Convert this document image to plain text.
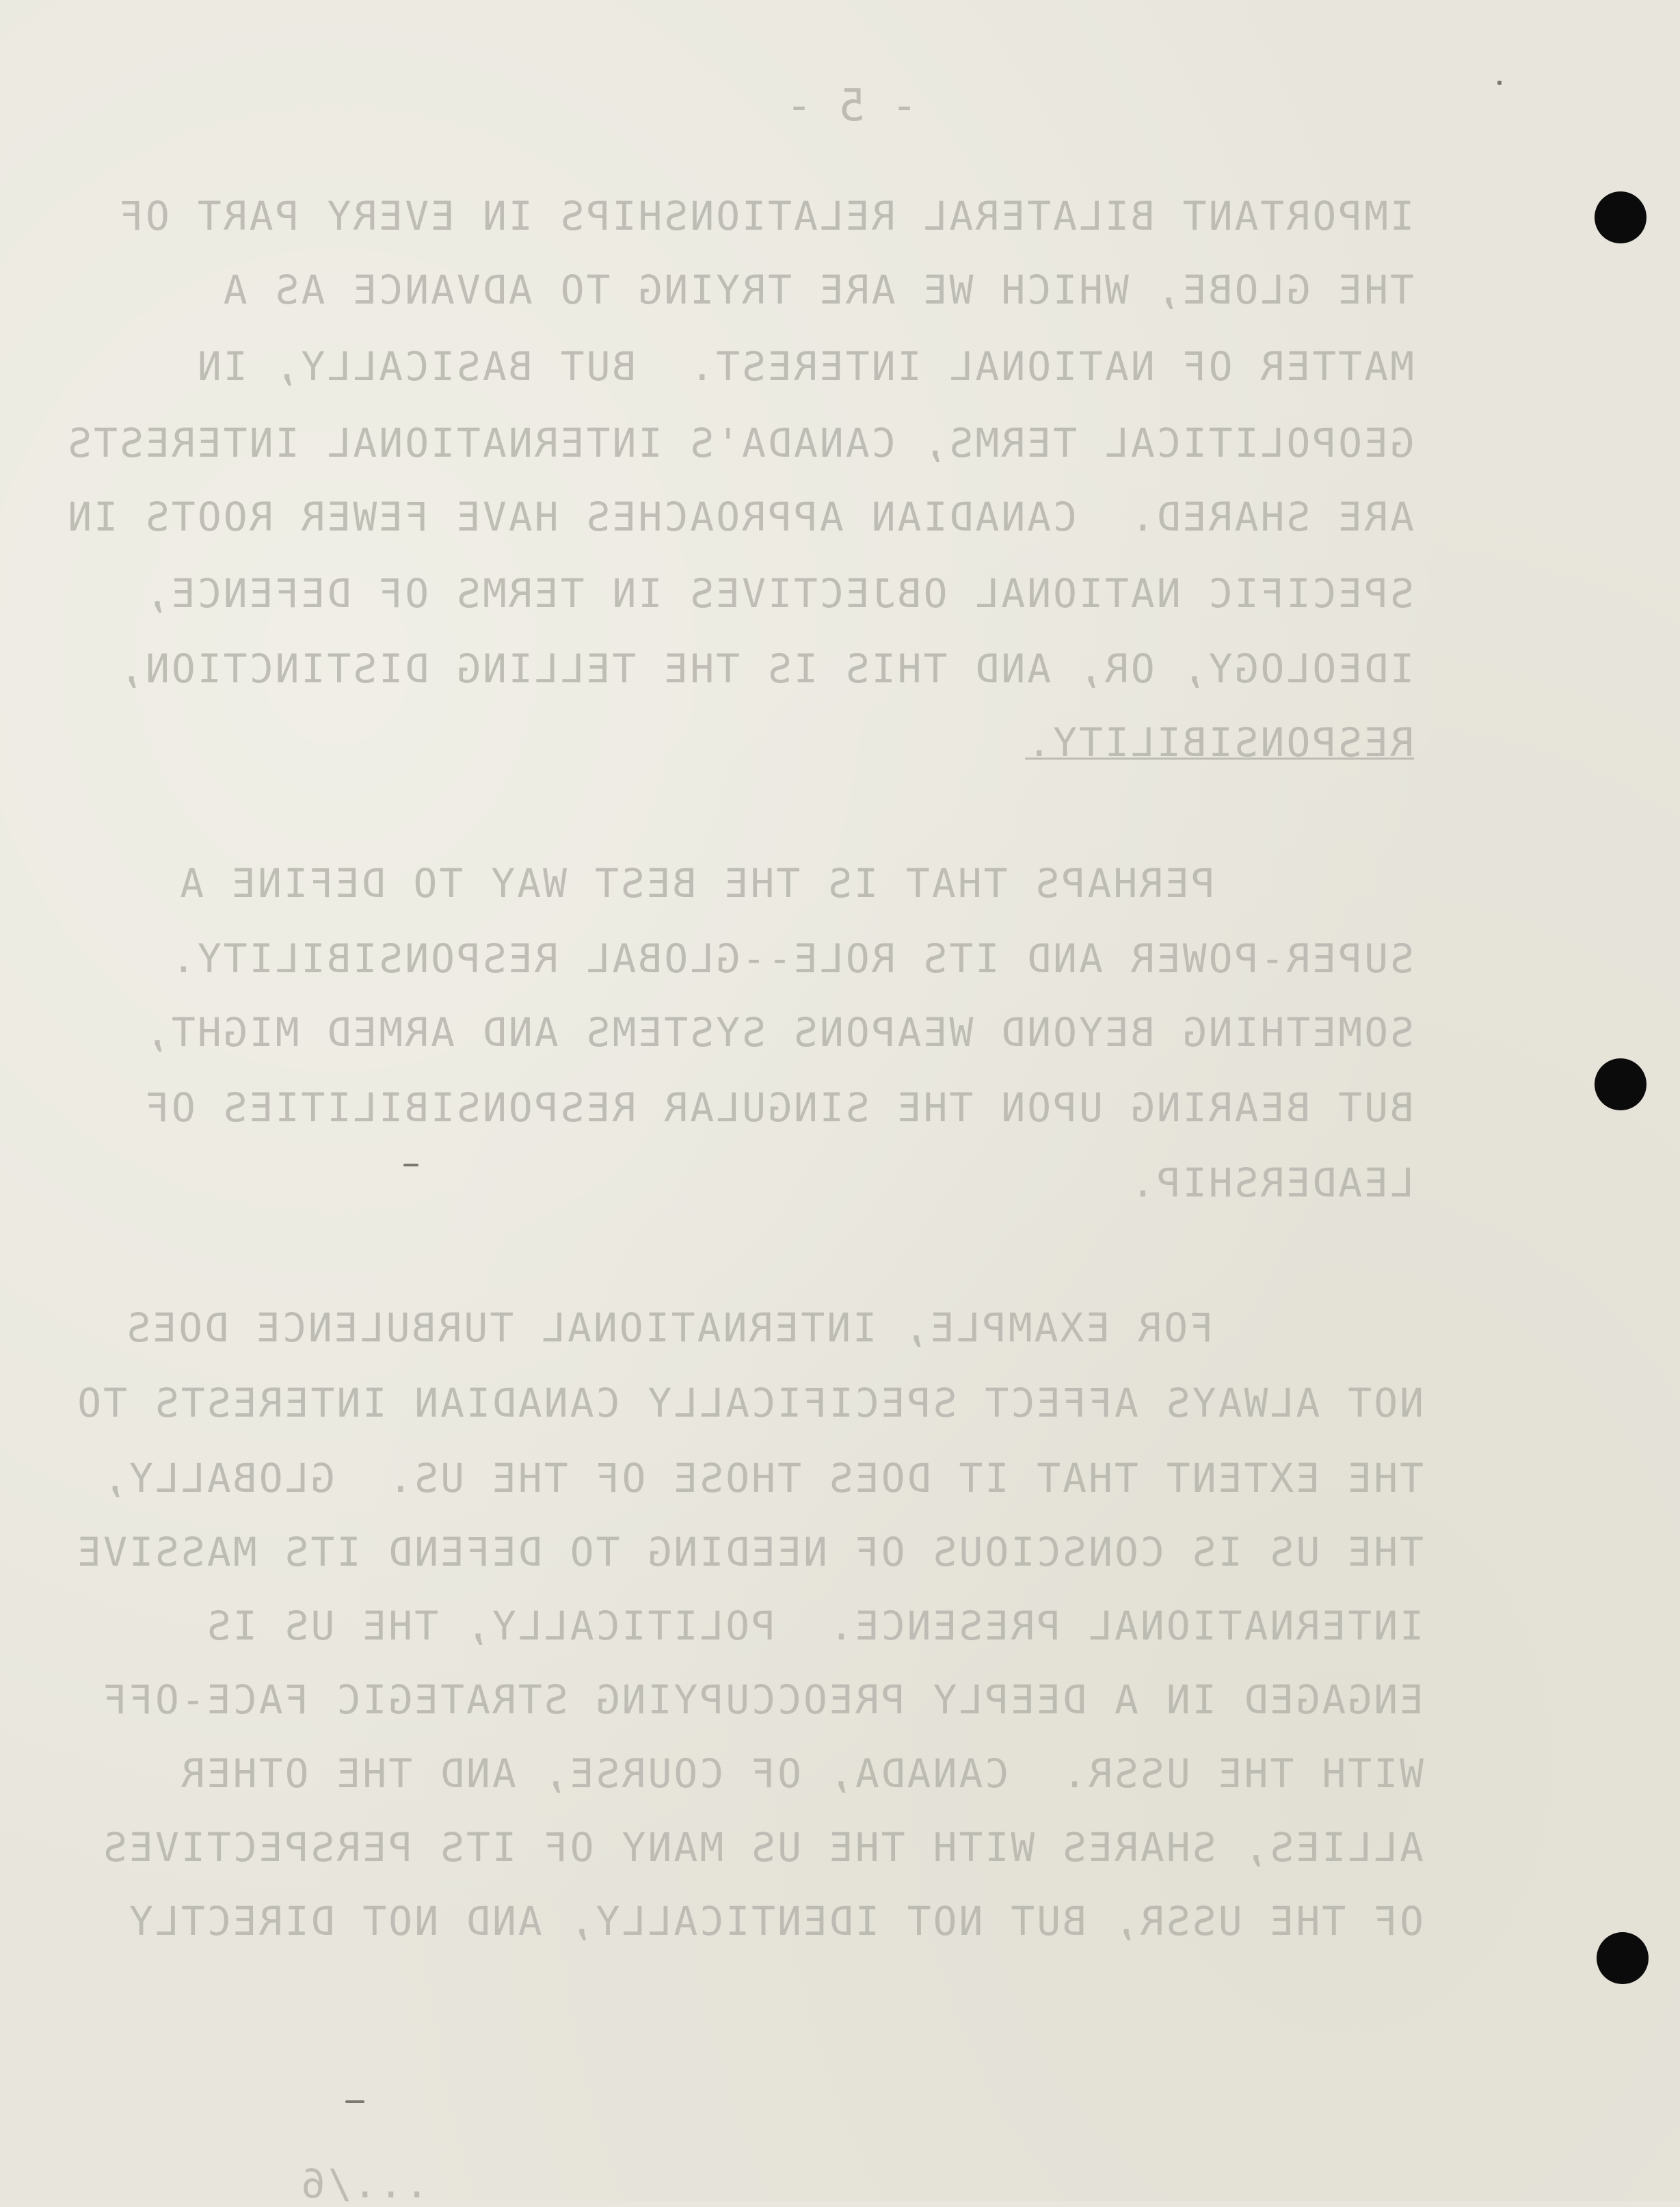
- 5 -
IMPORTANT BILATERAL RELATIONSHIPS IN EVERY PART OF
THE GLOBE, WHICH WE ARE TRYING TO ADVANCE AS A
MATTER OF NATIONAL INTEREST.  BUT BASICALLY, IN
GEOPOLITICAL TERMS, CANADA'S INTERNATIONAL INTERESTS
ARE SHARED.  CANADIAN APPROACHES HAVE FEWER ROOTS IN
SPECIFIC NATIONAL OBJECTIVES IN TERMS OF DEFENCE,
IDEOLOGY, OR, AND THIS IS THE TELLING DISTINCTION,
RESPONSIBILITY.
PERHAPS THAT IS THE BEST WAY TO DEFINE A
SUPER-POWER AND ITS ROLE--GLOBAL RESPONSIBILITY.
SOMETHING BEYOND WEAPONS SYSTEMS AND ARMED MIGHT,
BUT BEARING UPON THE SINGULAR RESPONSIBILITIES OF
LEADERSHIP.
FOR EXAMPLE, INTERNATIONAL TURBULENCE DOES
NOT ALWAYS AFFECT SPECIFICALLY CANADIAN INTERESTS TO
THE EXTENT THAT IT DOES THOSE OF THE US.  GLOBALLY,
THE US IS CONSCIOUS OF NEEDING TO DEFEND ITS MASSIVE
INTERNATIONAL PRESENCE.  POLITICALLY, THE US IS
ENGAGED IN A DEEPLY PREOCCUPYING STRATEGIC FACE-OFF
WITH THE USSR.  CANADA, OF COURSE, AND THE OTHER
ALLIES, SHARES WITH THE US MANY OF ITS PERSPECTIVES
OF THE USSR, BUT NOT IDENTICALLY, AND NOT DIRECTLY
.../6
